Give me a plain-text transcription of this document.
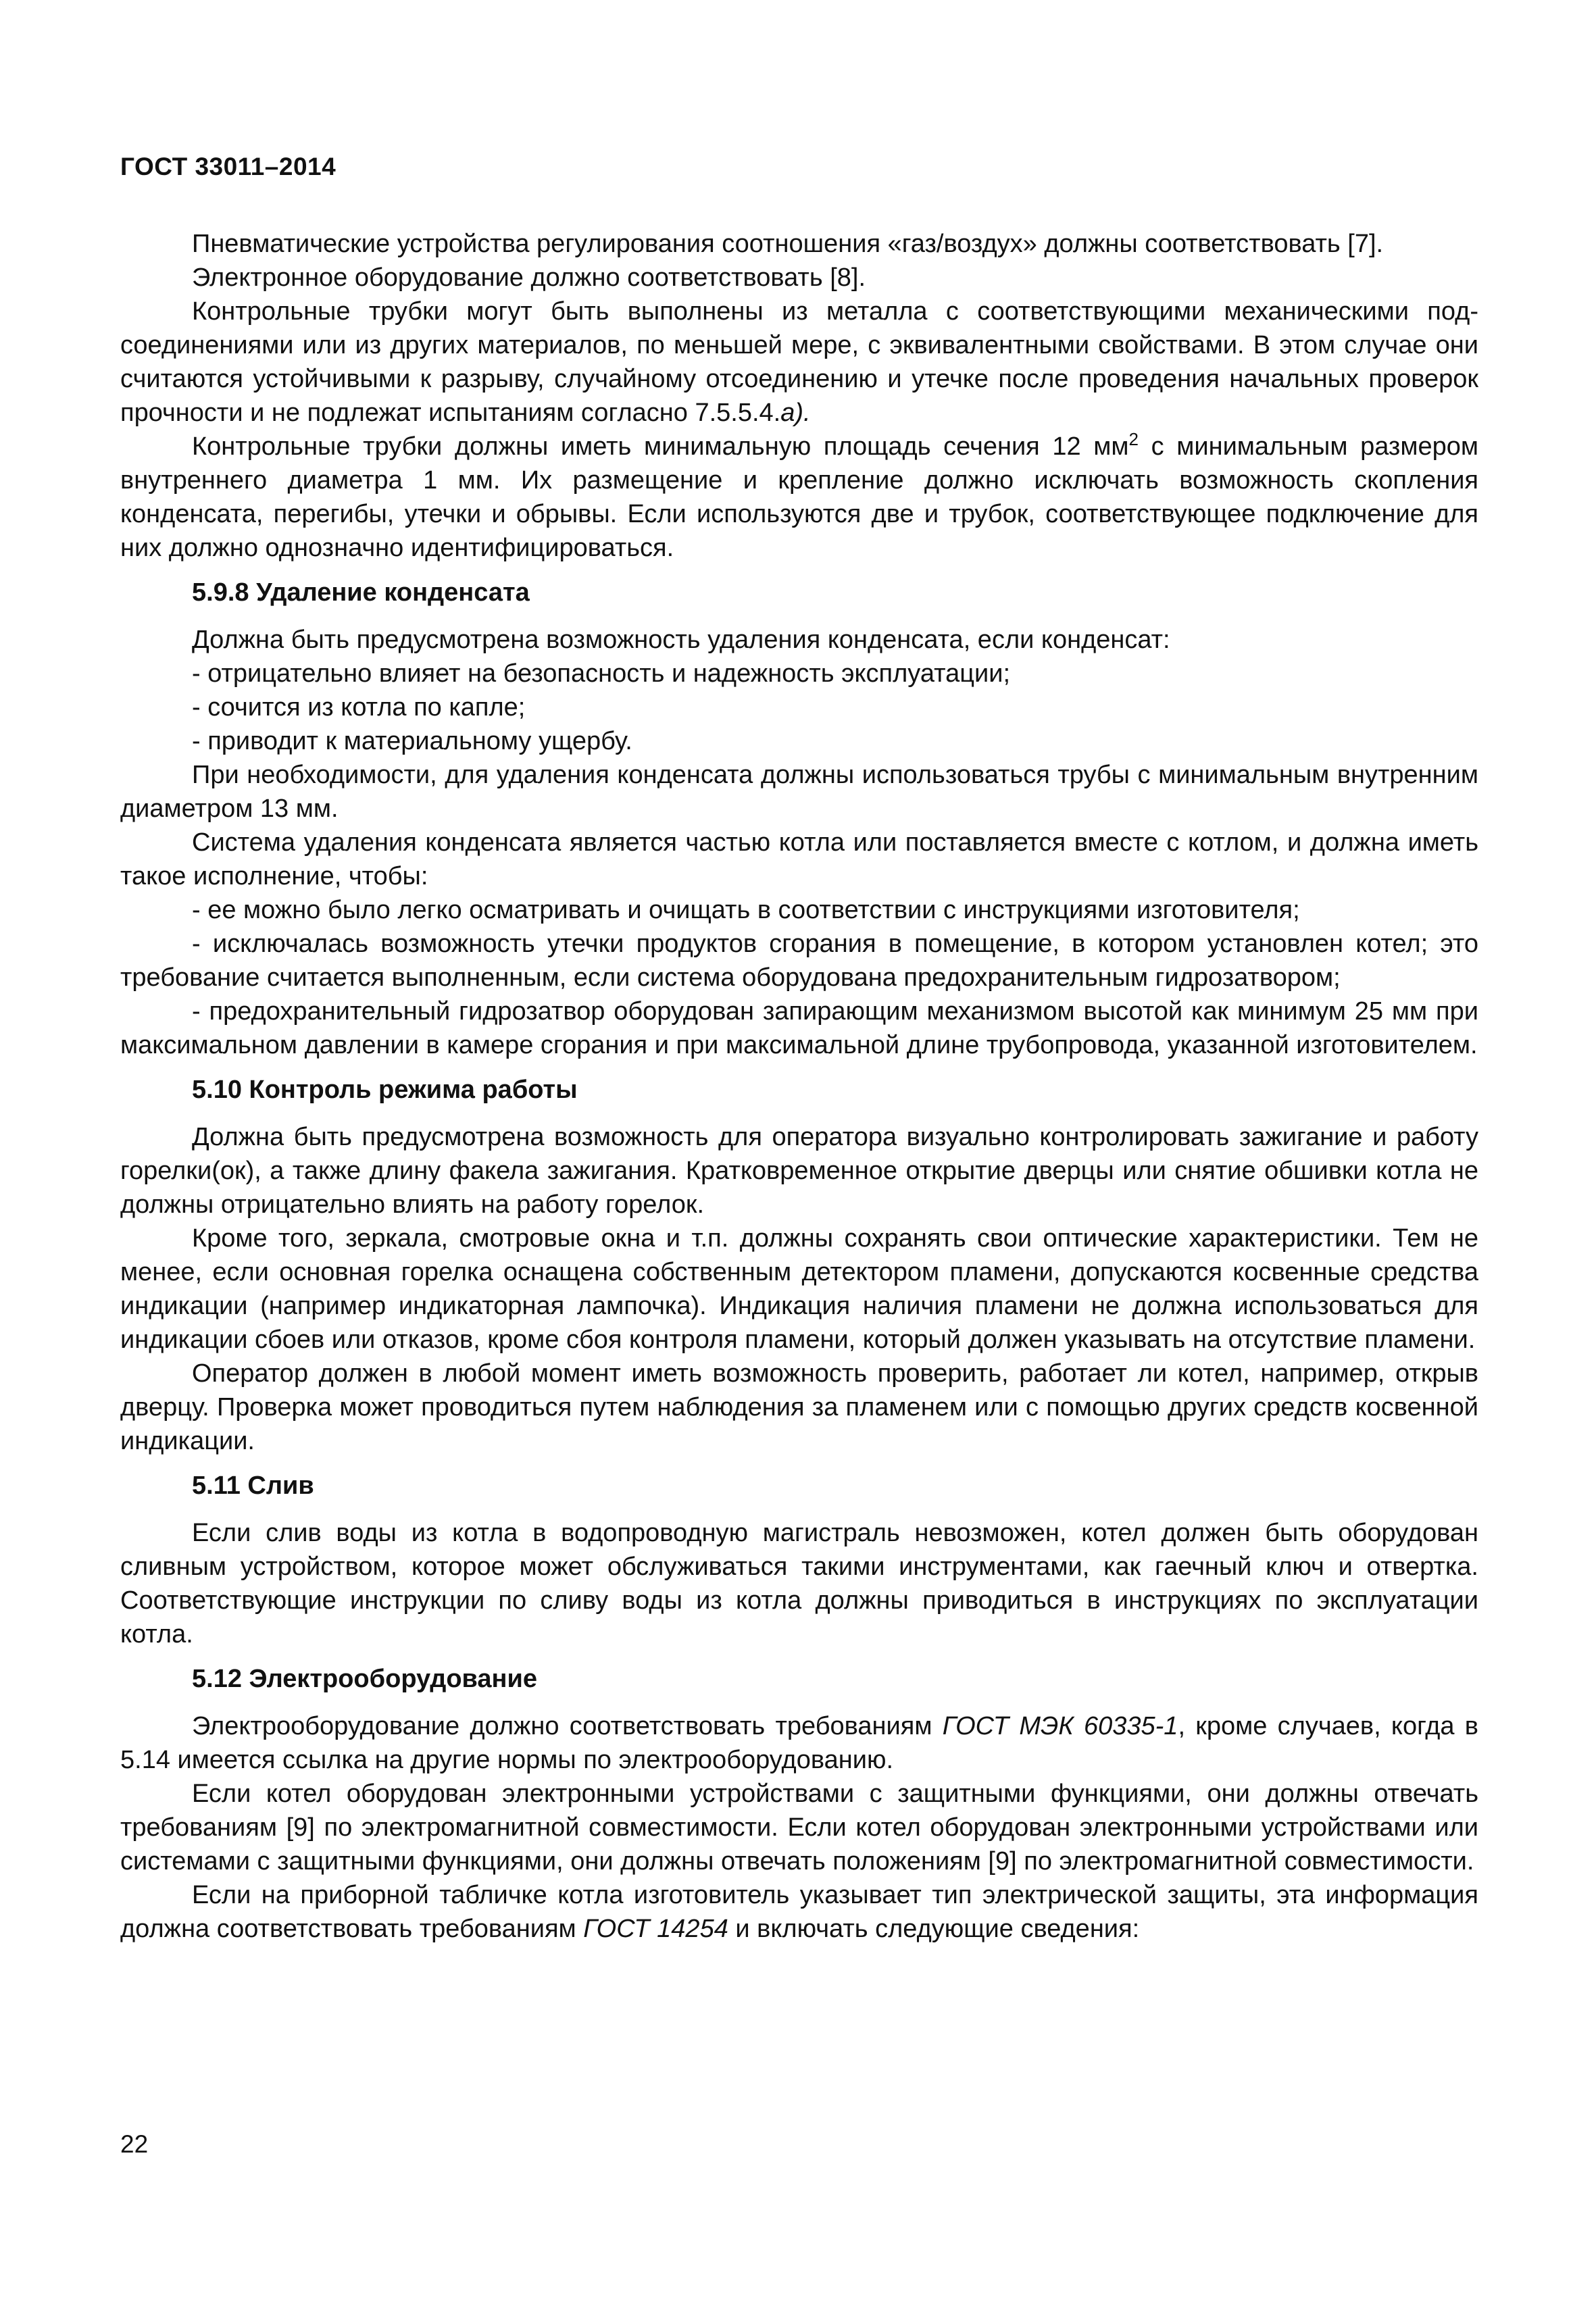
ГОСТ 33011–2014

Пневматические устройства регулирования соотношения «газ/воздух» должны соответствовать [7].

Электронное оборудование должно соответствовать [8].

Контрольные трубки могут быть выполнены из металла с соответствующими механическими подсоединениями или из других материалов, по меньшей мере, с эквивалентными свойствами. В этом случае они считаются устойчивыми к разрыву, случайному отсоединению и утечке после проведения начальных проверок прочности и не подлежат испытаниям согласно 7.5.5.4.а).

Контрольные трубки должны иметь минимальную площадь сечения 12 $мм^2$ с минимальным размером внутреннего диаметра 1 мм. Их размещение и крепление должно исключать возможность скопления конденсата, перегибы, утечки и обрывы. Если используются две и трубок, соответствующее подключение для них должно однозначно идентифицироваться.

5.9.8 Удаление конденсата

Должна быть предусмотрена возможность удаления конденсата, если конденсат:

- отрицательно влияет на безопасность и надежность эксплуатации;

- сочится из котла по капле;

- приводит к материальному ущербу.

При необходимости, для удаления конденсата должны использоваться трубы с минимальным внутренним диаметром 13 мм.

Система удаления конденсата является частью котла или поставляется вместе с котлом, и должна иметь такое исполнение, чтобы:

- ее можно было легко осматривать и очищать в соответствии с инструкциями изготовителя;

- исключалась возможность утечки продуктов сгорания в помещение, в котором установлен котел; это требование считается выполненным, если система оборудована предохранительным гидрозатвором;

- предохранительный гидрозатвор оборудован запирающим механизмом высотой как минимум 25 мм при максимальном давлении в камере сгорания и при максимальной длине трубопровода, указанной изготовителем.

5.10 Контроль режима работы

Должна быть предусмотрена возможность для оператора визуально контролировать зажигание и работу горелки(ок), а также длину факела зажигания. Кратковременное открытие дверцы или снятие обшивки котла не должны отрицательно влиять на работу горелок.

Кроме того, зеркала, смотровые окна и т.п. должны сохранять свои оптические характеристики. Тем не менее, если основная горелка оснащена собственным детектором пламени, допускаются косвенные средства индикации (например индикаторная лампочка). Индикация наличия пламени не должна использоваться для индикации сбоев или отказов, кроме сбоя контроля пламени, который должен указывать на отсутствие пламени.

Оператор должен в любой момент иметь возможность проверить, работает ли котел, например, открыв дверцу. Проверка может проводиться путем наблюдения за пламенем или с помощью других средств косвенной индикации.

5.11 Слив

Если слив воды из котла в водопроводную магистраль невозможен, котел должен быть оборудован сливным устройством, которое может обслуживаться такими инструментами, как гаечный ключ и отвертка. Соответствующие инструкции по сливу воды из котла должны приводиться в инструкциях по эксплуатации котла.

5.12 Электрооборудование

Электрооборудование должно соответствовать требованиям ГОСТ МЭК 60335-1, кроме случаев, когда в 5.14 имеется ссылка на другие нормы по электрооборудованию.

Если котел оборудован электронными устройствами с защитными функциями, они должны отвечать требованиям [9] по электромагнитной совместимости. Если котел оборудован электронными устройствами или системами с защитными функциями, они должны отвечать положениям [9] по электромагнитной совместимости.

Если на приборной табличке котла изготовитель указывает тип электрической защиты, эта информация должна соответствовать требованиям ГОСТ 14254 и включать следующие сведения:

22
